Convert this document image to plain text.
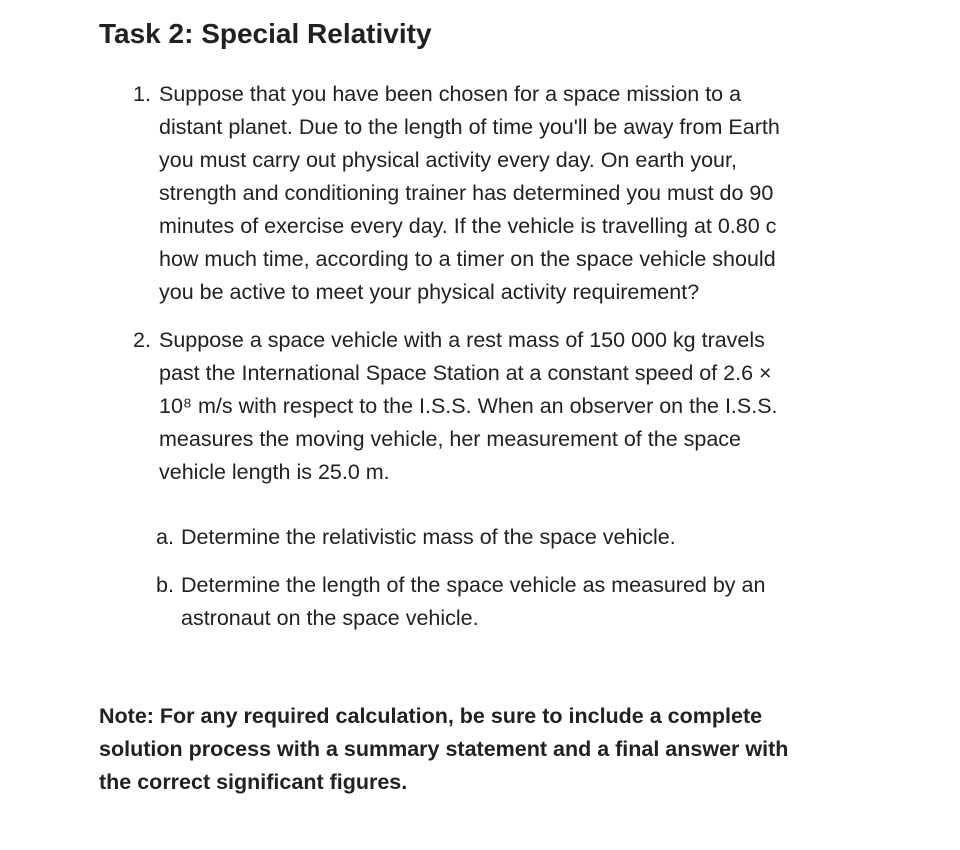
Task 2: Special Relativity
1. Suppose that you have been chosen for a space mission to a distant planet. Due to the length of time you'll be away from Earth you must carry out physical activity every day. On earth your, strength and conditioning trainer has determined you must do 90 minutes of exercise every day. If the vehicle is travelling at 0.80 c how much time, according to a timer on the space vehicle should you be active to meet your physical activity requirement?
2. Suppose a space vehicle with a rest mass of 150 000 kg travels past the International Space Station at a constant speed of 2.6 × 10⁸ m/s with respect to the I.S.S. When an observer on the I.S.S. measures the moving vehicle, her measurement of the space vehicle length is 25.0 m.
a. Determine the relativistic mass of the space vehicle.
b. Determine the length of the space vehicle as measured by an astronaut on the space vehicle.

Note: For any required calculation, be sure to include a complete solution process with a summary statement and a final answer with the correct significant figures.
